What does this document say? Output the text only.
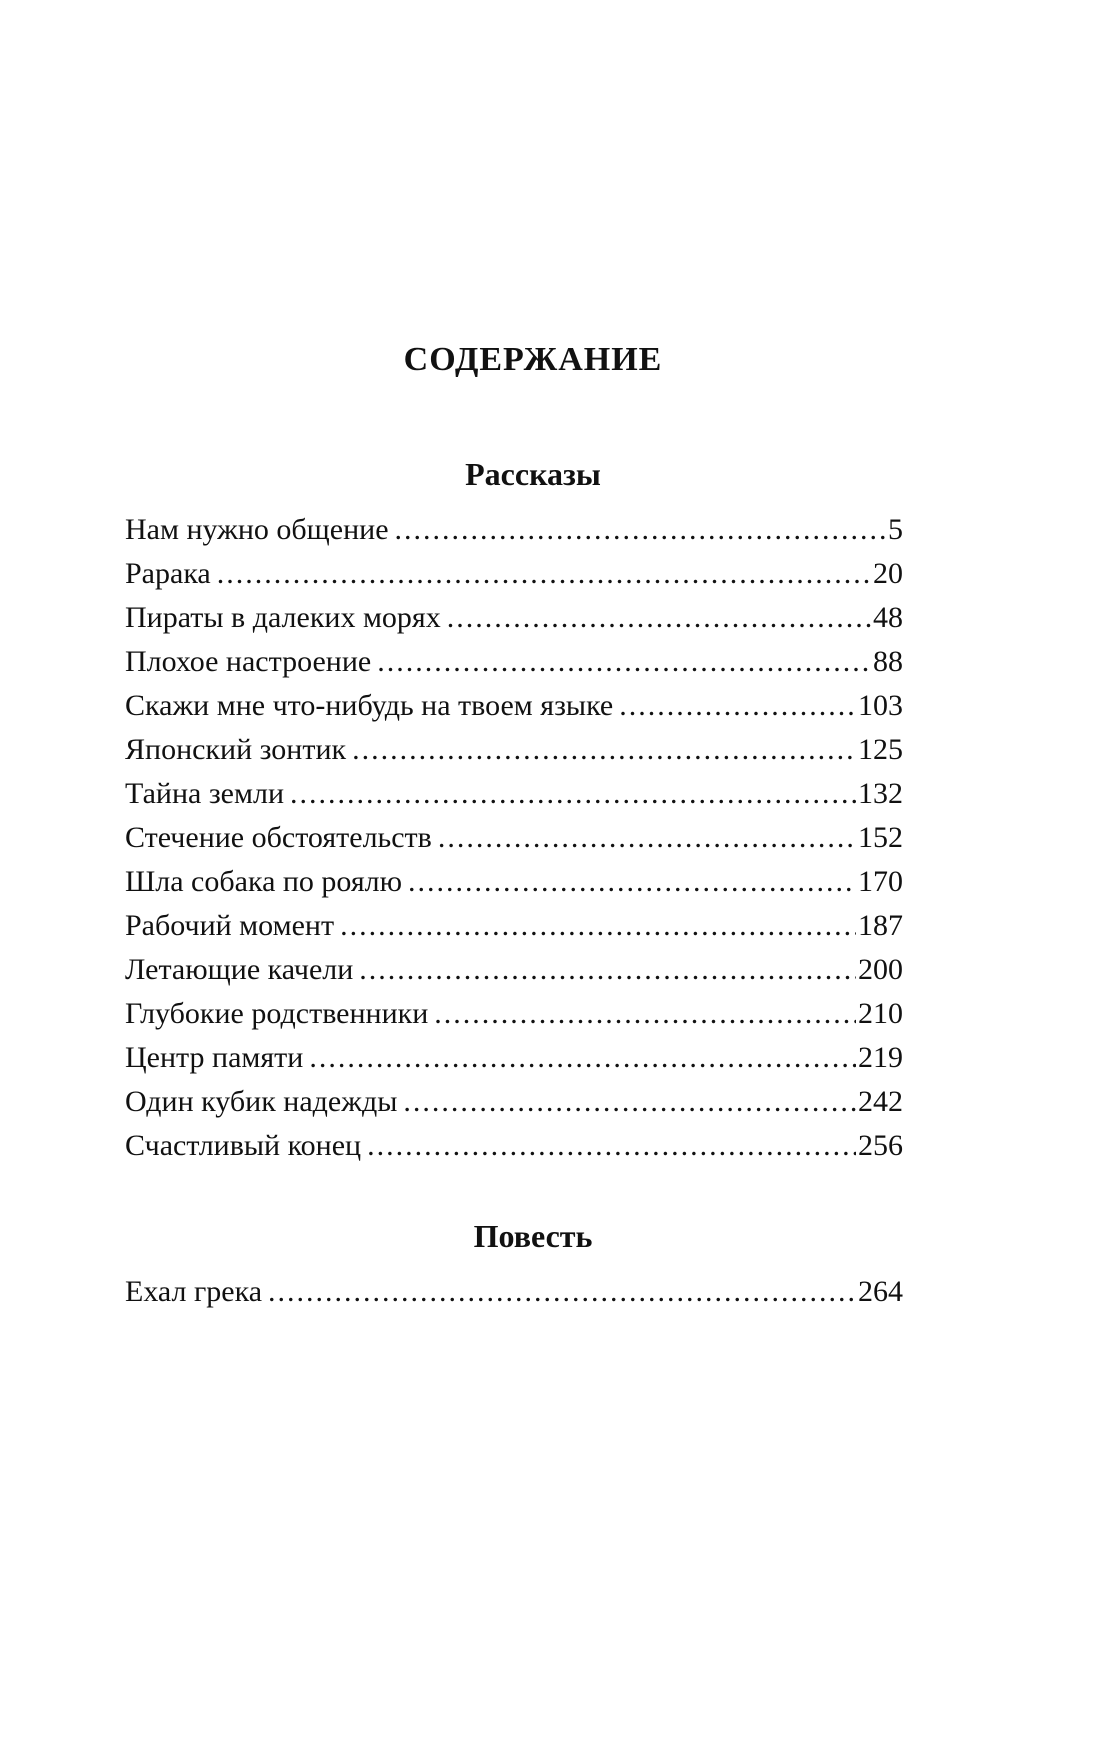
СОДЕРЖАНИЕ
Рассказы
Нам нужно общение .....	5
Рарака .....	20
Пираты в далеких морях .....	48
Плохое настроение .....	88
Скажи мне что-нибудь на твоем языке .....	103
Японский зонтик .....	125
Тайна земли .....	132
Стечение обстоятельств .....	152
Шла собака по роялю .....	170
Рабочий момент .....	187
Летающие качели .....	200
Глубокие родственники .....	210
Центр памяти .....	219
Один кубик надежды .....	242
Счастливый конец .....	256
Повесть
Ехал грека .....	264
